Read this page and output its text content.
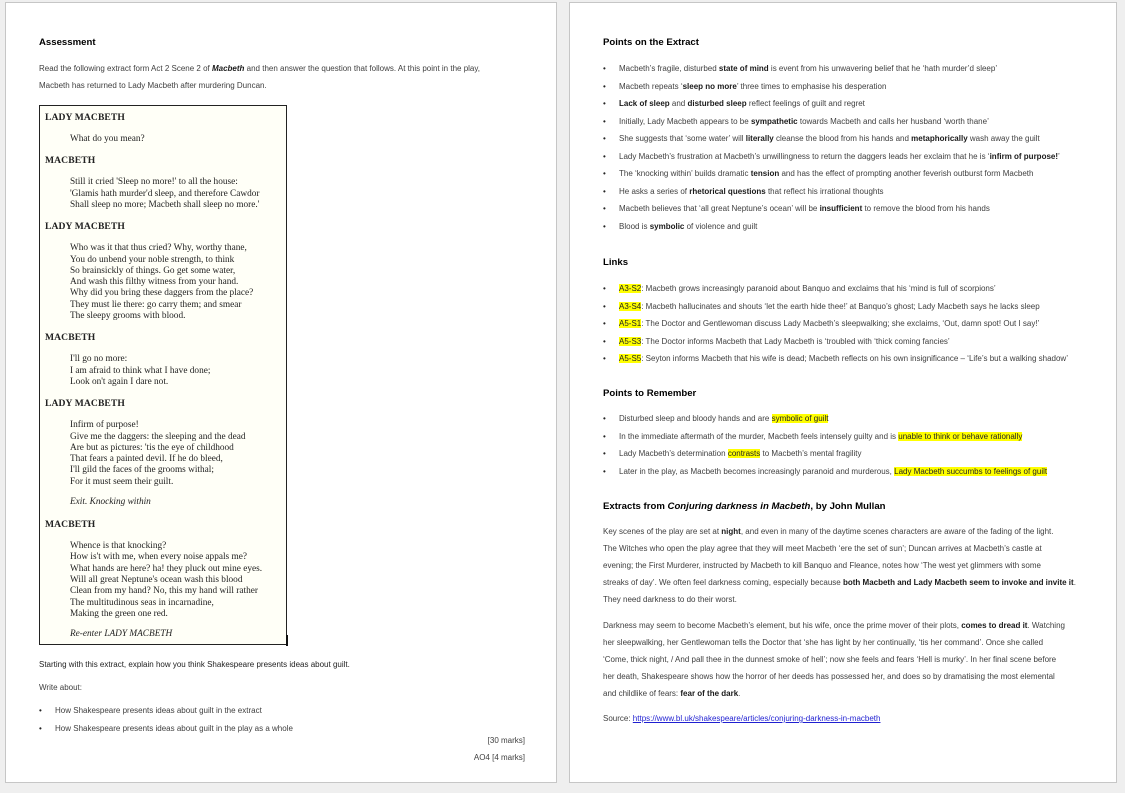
Assessment
Read the following extract form Act 2 Scene 2 of Macbeth and then answer the question that follows. At this point in the play,
Macbeth has returned to Lady Macbeth after murdering Duncan.
LADY MACBETH
What do you mean?
MACBETH
Still it cried 'Sleep no more!' to all the house:
'Glamis hath murder'd sleep, and therefore Cawdor
Shall sleep no more; Macbeth shall sleep no more.'
LADY MACBETH
Who was it that thus cried? Why, worthy thane,
You do unbend your noble strength, to think
So brainsickly of things. Go get some water,
And wash this filthy witness from your hand.
Why did you bring these daggers from the place?
They must lie there: go carry them; and smear
The sleepy grooms with blood.
MACBETH
I'll go no more:
I am afraid to think what I have done;
Look on't again I dare not.
LADY MACBETH
Infirm of purpose!
Give me the daggers: the sleeping and the dead
Are but as pictures: 'tis the eye of childhood
That fears a painted devil. If he do bleed,
I'll gild the faces of the grooms withal;
For it must seem their guilt.
Exit. Knocking within
MACBETH
Whence is that knocking?
How is't with me, when every noise appals me?
What hands are here? ha! they pluck out mine eyes.
Will all great Neptune's ocean wash this blood
Clean from my hand? No, this my hand will rather
The multitudinous seas in incarnadine,
Making the green one red.
Re-enter LADY MACBETH
Starting with this extract, explain how you think Shakespeare presents ideas about guilt.
Write about:
• How Shakespeare presents ideas about guilt in the extract
• How Shakespeare presents ideas about guilt in the play as a whole
[30 marks]
AO4 [4 marks]
Points on the Extract
• Macbeth’s fragile, disturbed state of mind is event from his unwavering belief that he ‘hath murder’d sleep’
• Macbeth repeats ‘sleep no more’ three times to emphasise his desperation
• Lack of sleep and disturbed sleep reflect feelings of guilt and regret
• Initially, Lady Macbeth appears to be sympathetic towards Macbeth and calls her husband ‘worth thane’
• She suggests that ‘some water’ will literally cleanse the blood from his hands and metaphorically wash away the guilt
• Lady Macbeth’s frustration at Macbeth’s unwillingness to return the daggers leads her exclaim that he is ‘infirm of purpose!’
• The ‘knocking within’ builds dramatic tension and has the effect of prompting another feverish outburst form Macbeth
• He asks a series of rhetorical questions that reflect his irrational thoughts
• Macbeth believes that ‘all great Neptune’s ocean’ will be insufficient to remove the blood from his hands
• Blood is symbolic of violence and guilt
Links
• A3-S2: Macbeth grows increasingly paranoid about Banquo and exclaims that his ‘mind is full of scorpions’
• A3-S4: Macbeth hallucinates and shouts ‘let the earth hide thee!’ at Banquo’s ghost; Lady Macbeth says he lacks sleep
• A5-S1: The Doctor and Gentlewoman discuss Lady Macbeth’s sleepwalking; she exclaims, ‘Out, damn spot! Out I say!’
• A5-S3: The Doctor informs Macbeth that Lady Macbeth is ‘troubled with ‘thick coming fancies’
• A5-S5: Seyton informs Macbeth that his wife is dead; Macbeth reflects on his own insignificance – ‘Life’s but a walking shadow’
Points to Remember
• Disturbed sleep and bloody hands and are symbolic of guilt
• In the immediate aftermath of the murder, Macbeth feels intensely guilty and is unable to think or behave rationally
• Lady Macbeth’s determination contrasts to Macbeth’s mental fragility
• Later in the play, as Macbeth becomes increasingly paranoid and murderous, Lady Macbeth succumbs to feelings of guilt
Extracts from Conjuring darkness in Macbeth, by John Mullan
Key scenes of the play are set at night, and even in many of the daytime scenes characters are aware of the fading of the light.
The Witches who open the play agree that they will meet Macbeth ‘ere the set of sun’; Duncan arrives at Macbeth’s castle at
evening; the First Murderer, instructed by Macbeth to kill Banquo and Fleance, notes how ‘The west yet glimmers with some
streaks of day’. We often feel darkness coming, especially because both Macbeth and Lady Macbeth seem to invoke and invite it.
They need darkness to do their worst.
Darkness may seem to become Macbeth’s element, but his wife, once the prime mover of their plots, comes to dread it. Watching
her sleepwalking, her Gentlewoman tells the Doctor that ‘she has light by her continually, ‘tis her command’. Once she called
‘Come, thick night, / And pall thee in the dunnest smoke of hell’; now she feels and fears ‘Hell is murky’. In her final scene before
her death, Shakespeare shows how the horror of her deeds has possessed her, and does so by dramatising the most elemental
and childlike of fears: fear of the dark.
Source: https://www.bl.uk/shakespeare/articles/conjuring-darkness-in-macbeth
